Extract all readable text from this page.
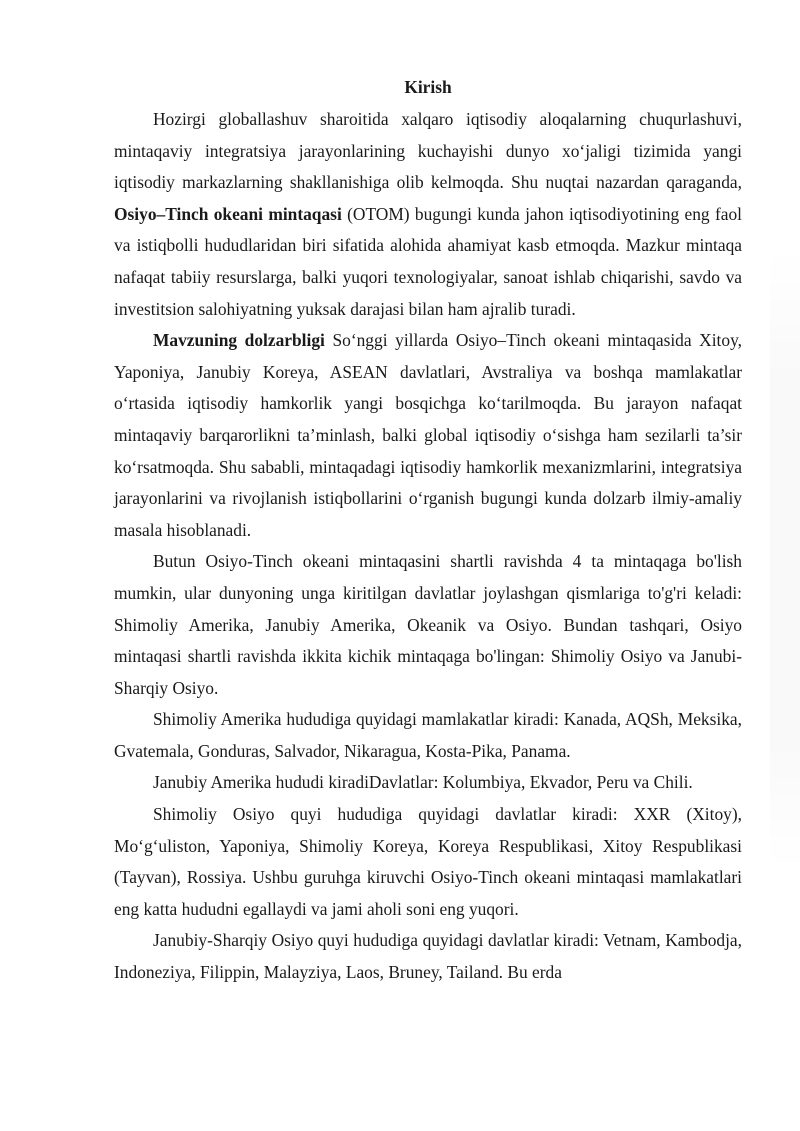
Kirish

Hozirgi globallashuv sharoitida xalqaro iqtisodiy aloqalarning chuqurlashuvi, mintaqaviy integratsiya jarayonlarining kuchayishi dunyo xo‘jaligi tizimida yangi iqtisodiy markazlarning shakllanishiga olib kelmoqda. Shu nuqtai nazardan qaraganda, Osiyo–Tinch okeani mintaqasi (OTOM) bugungi kunda jahon iqtisodiyotining eng faol va istiqbolli hududlaridan biri sifatida alohida ahamiyat kasb etmoqda. Mazkur mintaqa nafaqat tabiiy resurslarga, balki yuqori texnologiyalar, sanoat ishlab chiqarishi, savdo va investitsion salohiyatning yuksak darajasi bilan ham ajralib turadi.

Mavzuning dolzarbligi So‘nggi yillarda Osiyo–Tinch okeani mintaqasida Xitoy, Yaponiya, Janubiy Koreya, ASEAN davlatlari, Avstraliya va boshqa mamlakatlar o‘rtasida iqtisodiy hamkorlik yangi bosqichga ko‘tarilmoqda. Bu jarayon nafaqat mintaqaviy barqarorlikni ta’minlash, balki global iqtisodiy o‘sishga ham sezilarli ta’sir ko‘rsatmoqda. Shu sababli, mintaqadagi iqtisodiy hamkorlik mexanizmlarini, integratsiya jarayonlarini va rivojlanish istiqbollarini o‘rganish bugungi kunda dolzarb ilmiy-amaliy masala hisoblanadi.

Butun Osiyo-Tinch okeani mintaqasini shartli ravishda 4 ta mintaqaga bo'lish mumkin, ular dunyoning unga kiritilgan davlatlar joylashgan qismlariga to'g'ri keladi: Shimoliy Amerika, Janubiy Amerika, Okeanik va Osiyo. Bundan tashqari, Osiyo mintaqasi shartli ravishda ikkita kichik mintaqaga bo'lingan: Shimoliy Osiyo va Janubi-Sharqiy Osiyo.

Shimoliy Amerika hududiga quyidagi mamlakatlar kiradi: Kanada, AQSh, Meksika, Gvatemala, Gonduras, Salvador, Nikaragua, Kosta-Pika, Panama.

Janubiy Amerika hududi kiradiDavlatlar: Kolumbiya, Ekvador, Peru va Chili.

Shimoliy Osiyo quyi hududiga quyidagi davlatlar kiradi: XXR (Xitoy), Mo‘g‘uliston, Yaponiya, Shimoliy Koreya, Koreya Respublikasi, Xitoy Respublikasi (Tayvan), Rossiya. Ushbu guruhga kiruvchi Osiyo-Tinch okeani mintaqasi mamlakatlari eng katta hududni egallaydi va jami aholi soni eng yuqori.

Janubiy-Sharqiy Osiyo quyi hududiga quyidagi davlatlar kiradi: Vetnam, Kambodja, Indoneziya, Filippin, Malayziya, Laos, Bruney, Tailand. Bu erda
